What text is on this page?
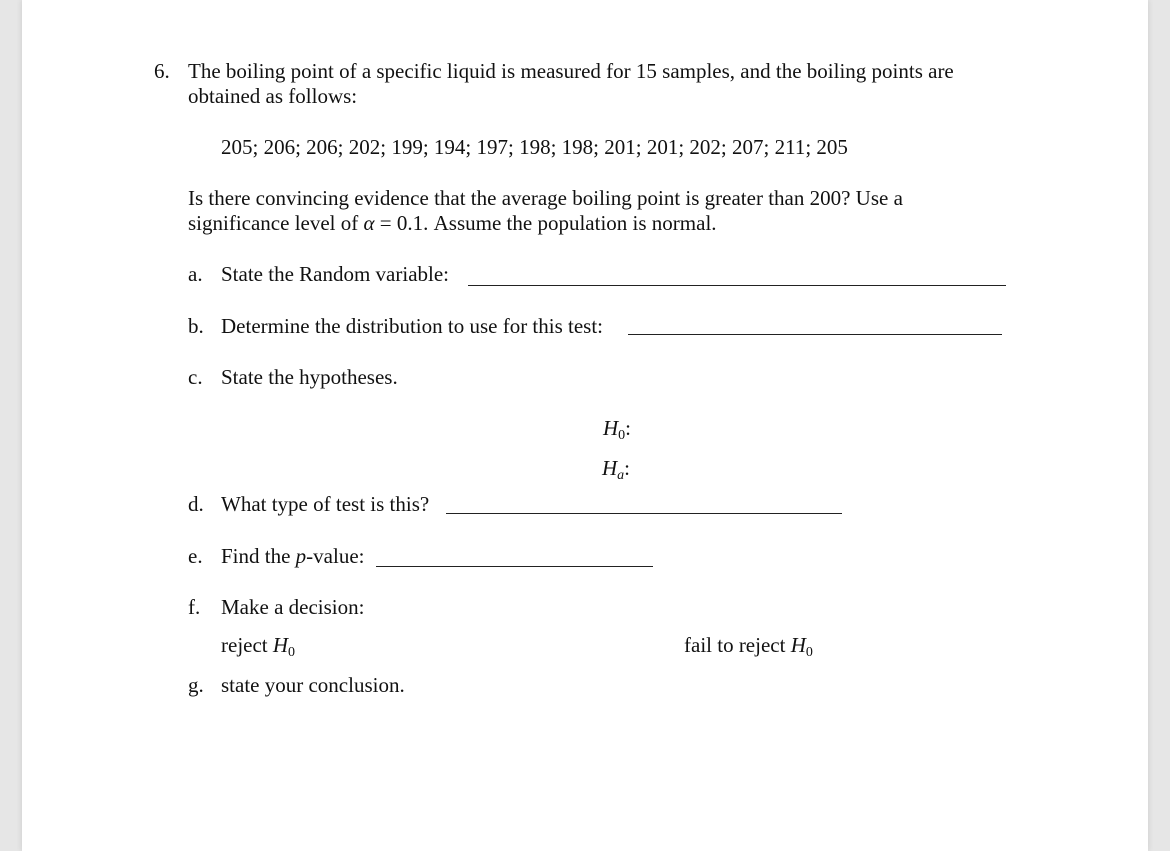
6. The boiling point of a specific liquid is measured for 15 samples, and the boiling points are
obtained as follows:
205; 206; 206; 202; 199; 194; 197; 198; 198; 201; 201; 202; 207; 211; 205
Is there convincing evidence that the average boiling point is greater than 200? Use a
significance level of α = 0.1. Assume the population is normal.
a. State the Random variable:
b. Determine the distribution to use for this test:
c. State the hypotheses.
$H_0$:
$H_a$:
d. What type of test is this?
e. Find the p-value:
f. Make a decision:
reject $H_0$	fail to reject $H_0$
g. state your conclusion.
